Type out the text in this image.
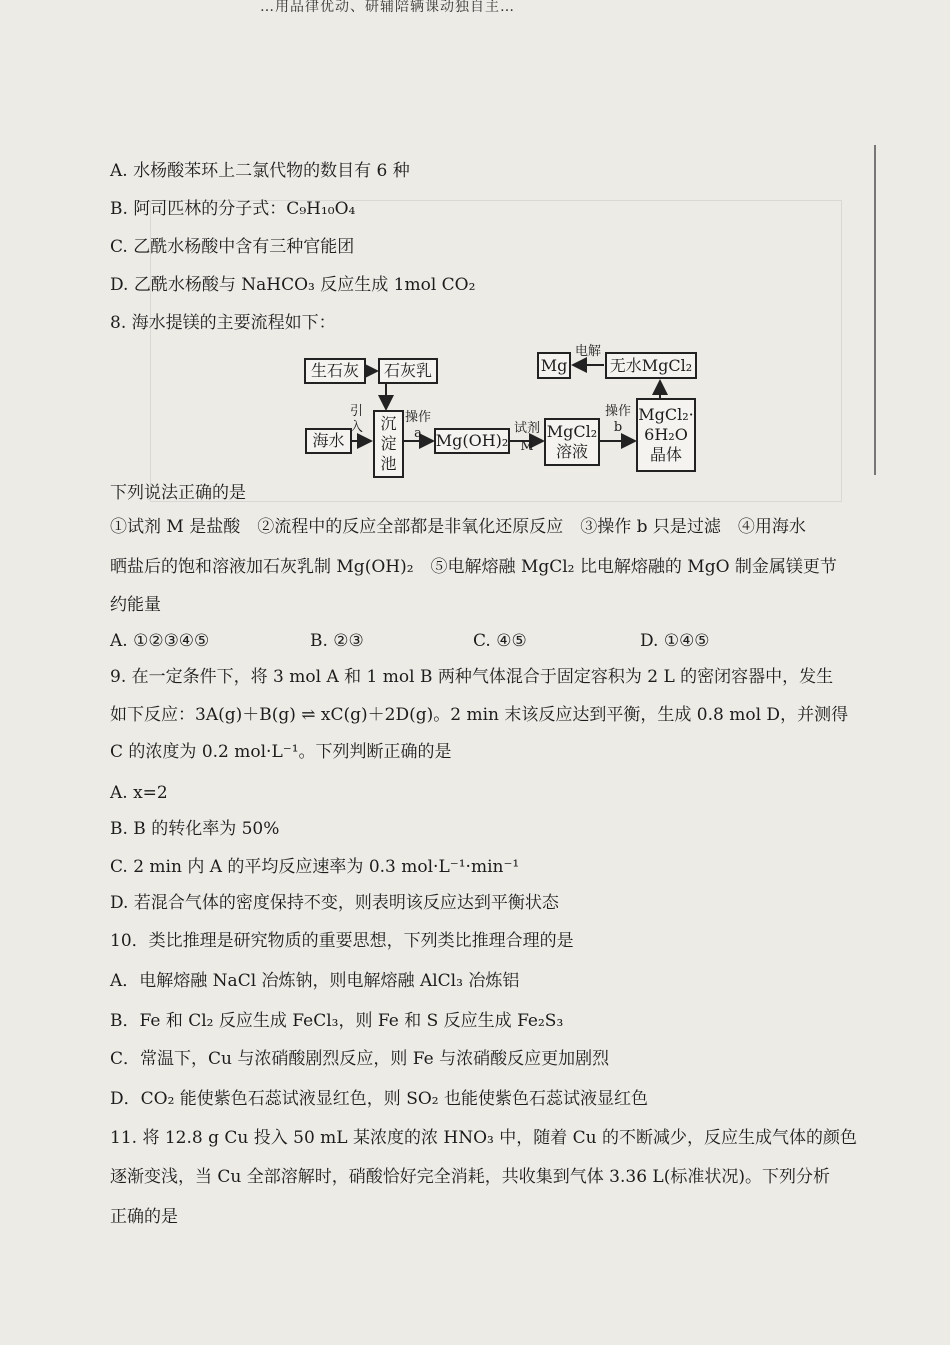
…用品律优动、研辅陪辆课动独自主…
A. 水杨酸苯环上二氯代物的数目有 6 种
B. 阿司匹林的分子式：C₉H₁₀O₄
C. 乙酰水杨酸中含有三种官能团
D. 乙酰水杨酸与 NaHCO₃ 反应生成 1mol CO₂
8. 海水提镁的主要流程如下：
生石灰	石灰乳
海水
沉
淀
池
引
入
操作
a Mg(OH)₂
试剂
M
MgCl₂
溶液
操作
b
MgCl₂·
6H₂O
晶体
无水MgCl₂
电解
Mg
下列说法正确的是
①试剂 M 是盐酸　②流程中的反应全部都是非氧化还原反应　③操作 b 只是过滤　④用海水
晒盐后的饱和溶液加石灰乳制 Mg(OH)₂　⑤电解熔融 MgCl₂ 比电解熔融的 MgO 制金属镁更节
约能量
A. ①②③④⑤	B. ②③	C. ④⑤	D. ①④⑤
9. 在一定条件下，将 3 mol A 和 1 mol B 两种气体混合于固定容积为 2 L 的密闭容器中，发生
如下反应：3A(g)＋B(g) ⇌ xC(g)＋2D(g)。2 min 末该反应达到平衡，生成 0.8 mol D，并测得
C 的浓度为 0.2 mol·L⁻¹。下列判断正确的是
A. x=2
B. B 的转化率为 50%
C. 2 min 内 A 的平均反应速率为 0.3 mol·L⁻¹·min⁻¹
D. 若混合气体的密度保持不变，则表明该反应达到平衡状态
10．类比推理是研究物质的重要思想，下列类比推理合理的是
A．电解熔融 NaCl 冶炼钠，则电解熔融 AlCl₃ 冶炼铝
B．Fe 和 Cl₂ 反应生成 FeCl₃，则 Fe 和 S 反应生成 Fe₂S₃
C．常温下，Cu 与浓硝酸剧烈反应，则 Fe 与浓硝酸反应更加剧烈
D．CO₂ 能使紫色石蕊试液显红色，则 SO₂ 也能使紫色石蕊试液显红色
11. 将 12.8 g Cu 投入 50 mL 某浓度的浓 HNO₃ 中，随着 Cu 的不断减少，反应生成气体的颜色
逐渐变浅，当 Cu 全部溶解时，硝酸恰好完全消耗，共收集到气体 3.36 L(标准状况)。下列分析
正确的是
